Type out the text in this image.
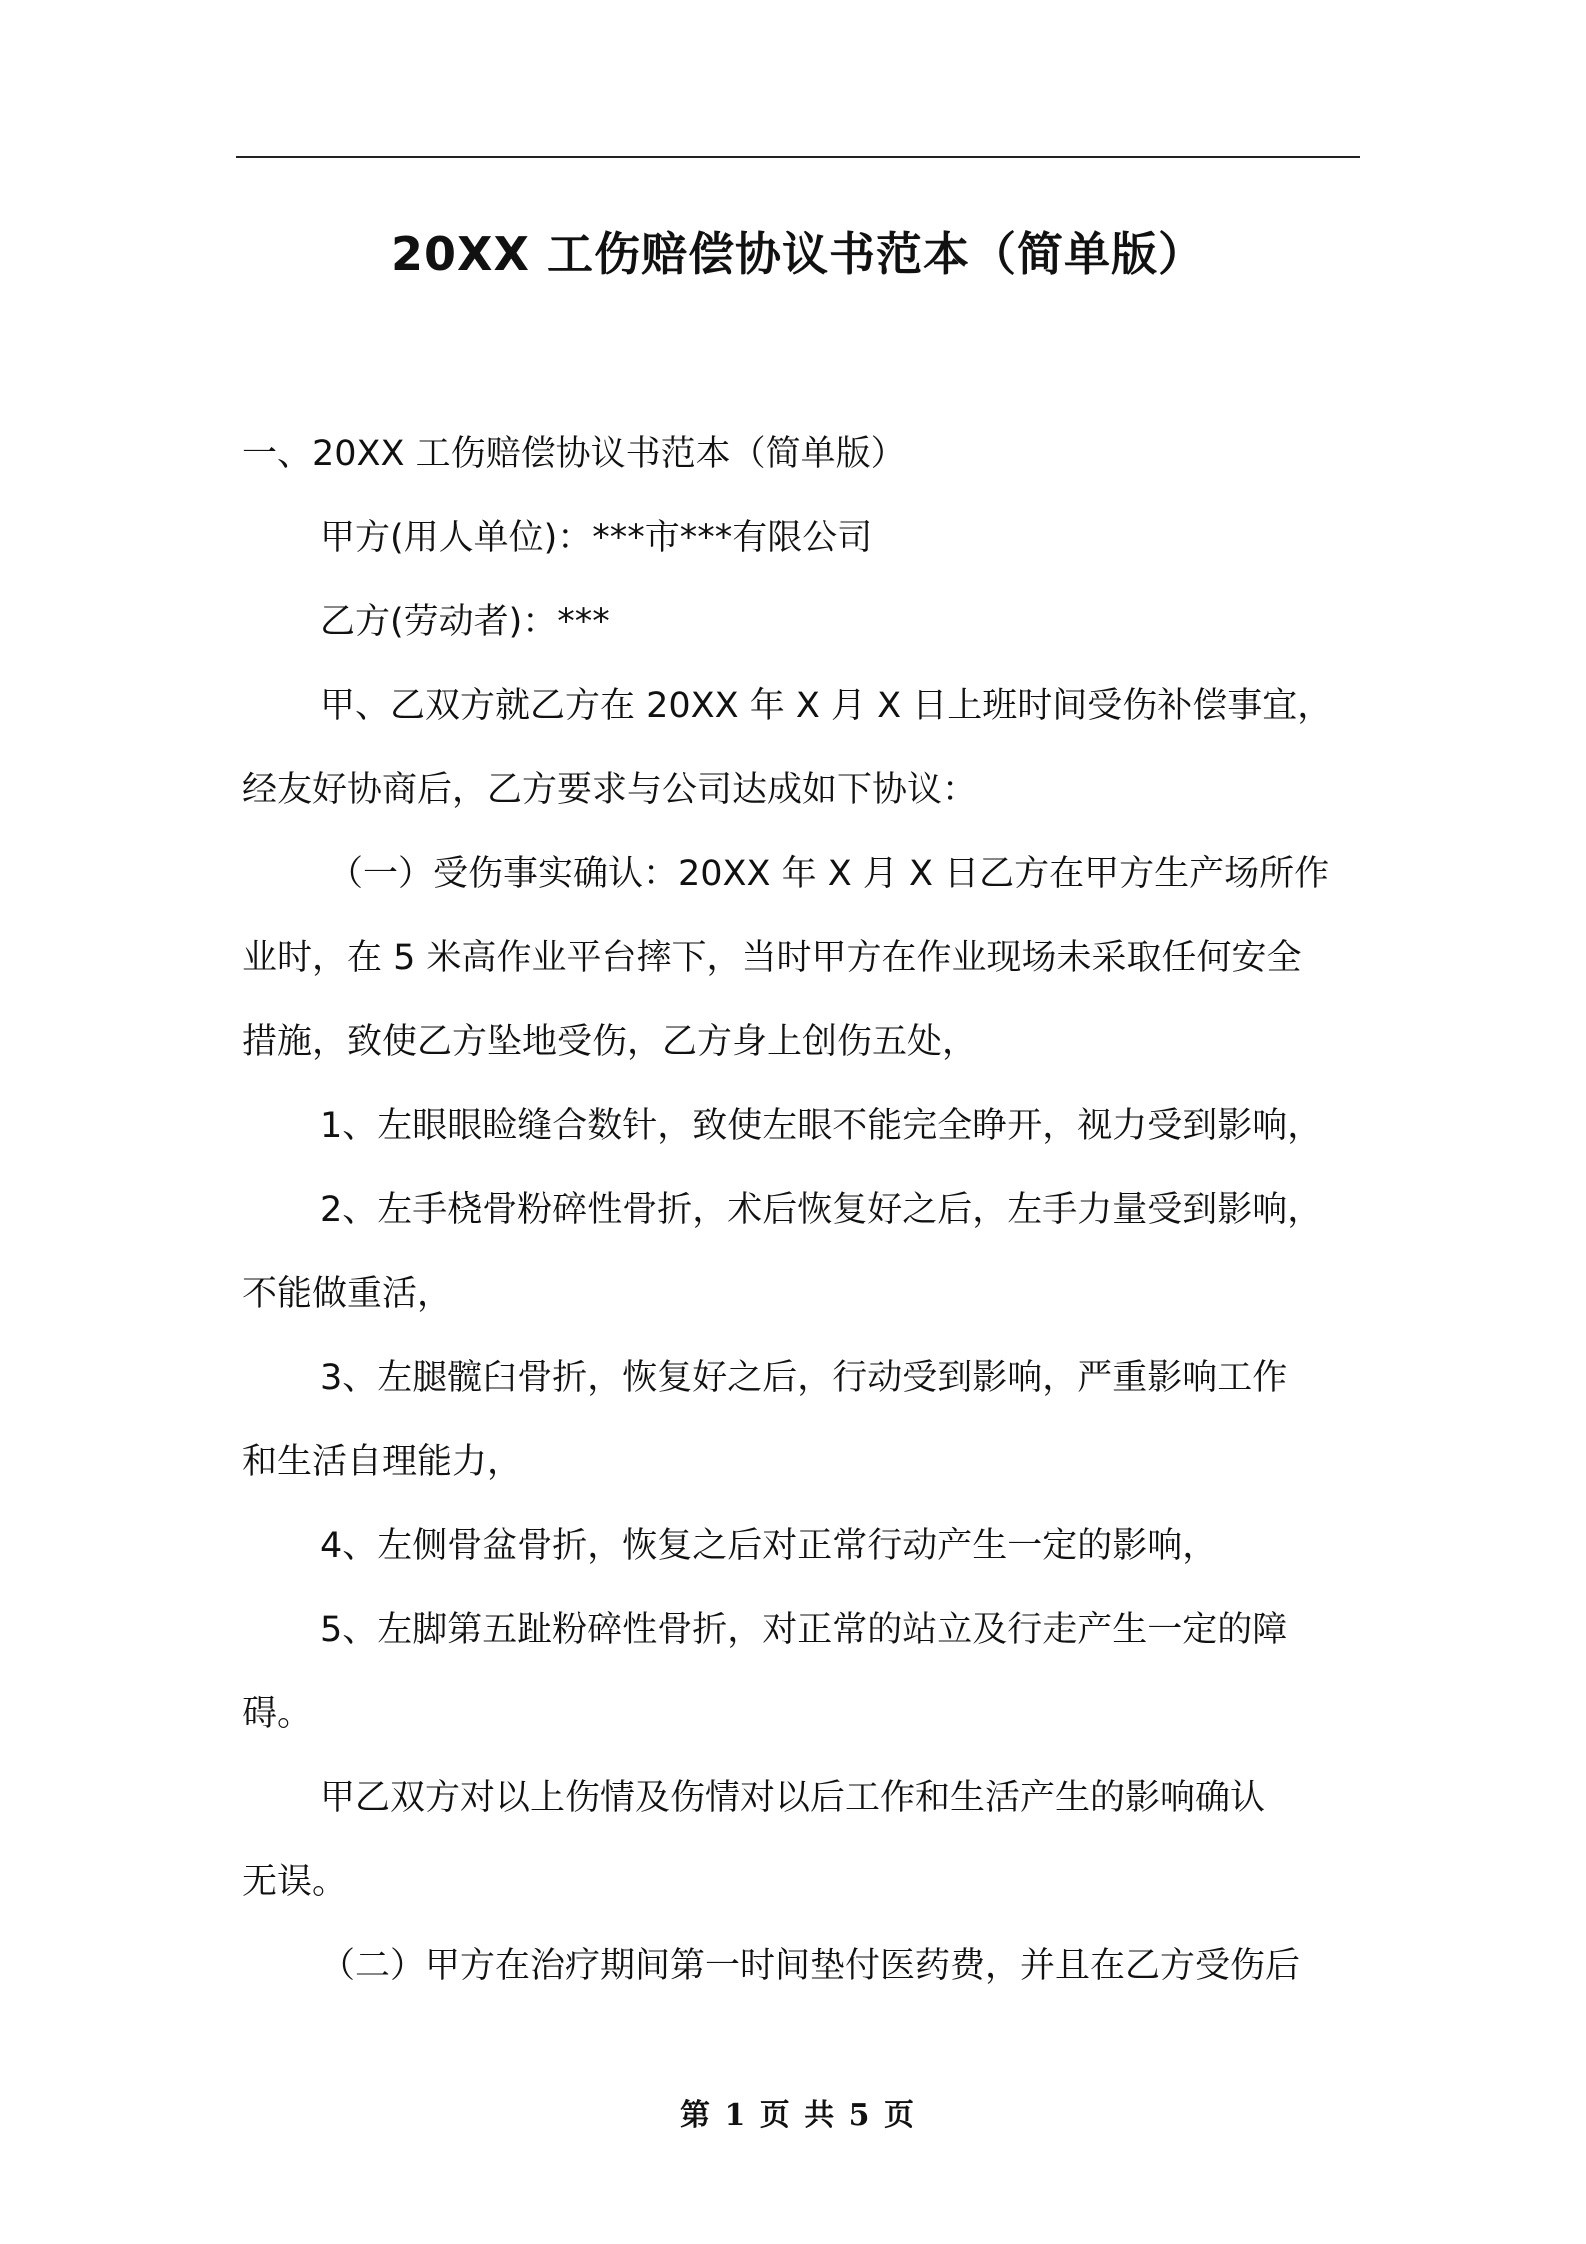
20XX 工伤赔偿协议书范本（简单版）

一、20XX 工伤赔偿协议书范本（简单版）

甲方(用人单位)：***市***有限公司

乙方(劳动者)：***

甲、乙双方就乙方在 20XX 年 X 月 X 日上班时间受伤补偿事宜，

经友好协商后，乙方要求与公司达成如下协议：

（一）受伤事实确认：20XX 年 X 月 X 日乙方在甲方生产场所作

业时，在 5 米高作业平台摔下，当时甲方在作业现场未采取任何安全

措施，致使乙方坠地受伤，乙方身上创伤五处，

1、左眼眼睑缝合数针，致使左眼不能完全睁开，视力受到影响，

2、左手桡骨粉碎性骨折，术后恢复好之后，左手力量受到影响，

不能做重活，

3、左腿髋臼骨折，恢复好之后，行动受到影响，严重影响工作

和生活自理能力，

4、左侧骨盆骨折，恢复之后对正常行动产生一定的影响，

5、左脚第五趾粉碎性骨折，对正常的站立及行走产生一定的障

碍。

甲乙双方对以上伤情及伤情对以后工作和生活产生的影响确认

无误。

（二）甲方在治疗期间第一时间垫付医药费，并且在乙方受伤后

第 1 页 共 5 页
